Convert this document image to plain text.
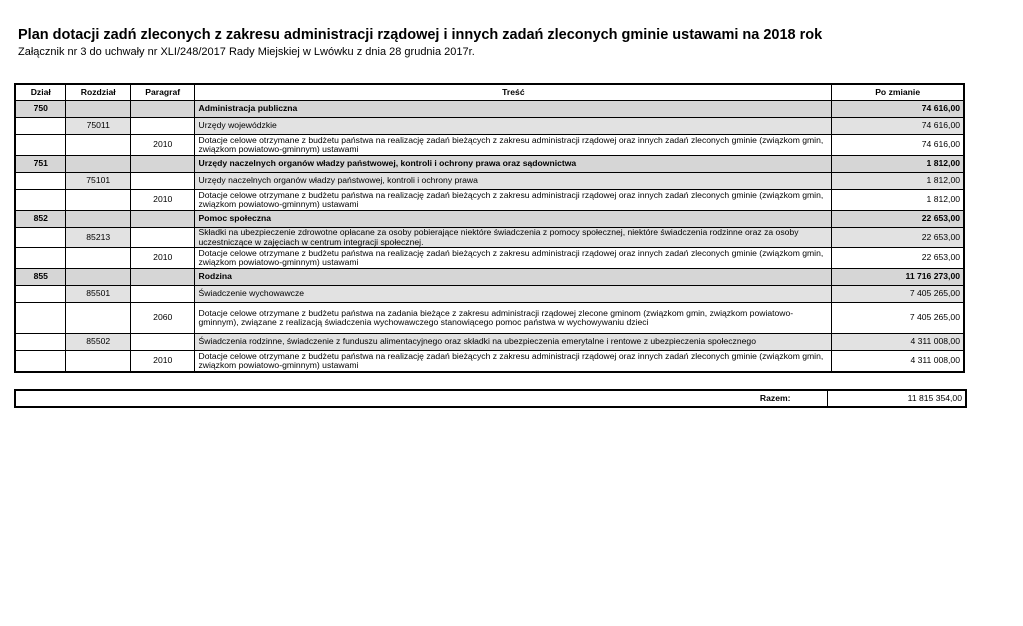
Plan dotacji zadń zleconych z zakresu administracji rządowej i innych zadań zleconych gminie ustawami na 2018 rok
Załącznik nr 3 do uchwały nr XLI/248/2017 Rady Miejskiej w Lwówku z dnia 28 grudnia 2017r.
Dział	Rozdział	Paragraf	Treść	Po zmianie
750			Administracja publiczna	74 616,00
	75011		Urzędy wojewódzkie	74 616,00
		2010	Dotacje celowe otrzymane z budżetu państwa na realizację zadań bieżących z zakresu administracji rządowej oraz innych zadań zleconych gminie (związkom gmin, związkom powiatowo-gminnym) ustawami	74 616,00
751			Urzędy naczelnych organów władzy państwowej, kontroli i ochrony prawa oraz sądownictwa	1 812,00
	75101		Urzędy naczelnych organów władzy państwowej, kontroli i ochrony prawa	1 812,00
		2010	Dotacje celowe otrzymane z budżetu państwa na realizację zadań bieżących z zakresu administracji rządowej oraz innych zadań zleconych gminie (związkom gmin, związkom powiatowo-gminnym) ustawami	1 812,00
852			Pomoc społeczna	22 653,00
	85213		Składki na ubezpieczenie zdrowotne opłacane za osoby pobierające niektóre świadczenia z pomocy społecznej, niektóre świadczenia rodzinne oraz za osoby uczestniczące w zajęciach w centrum integracji społecznej.	22 653,00
		2010	Dotacje celowe otrzymane z budżetu państwa na realizację zadań bieżących z zakresu administracji rządowej oraz innych zadań zleconych gminie (związkom gmin, związkom powiatowo-gminnym) ustawami	22 653,00
855			Rodzina	11 716 273,00
	85501		Świadczenie wychowawcze	7 405 265,00
		2060	Dotacje celowe otrzymane z budżetu państwa na zadania bieżące z zakresu administracji rządowej zlecone gminom (związkom gmin, związkom powiatowo-gminnym), związane z realizacją świadczenia wychowawczego stanowiącego pomoc państwa w wychowywaniu dzieci	7 405 265,00
	85502		Świadczenia rodzinne, świadczenie z funduszu alimentacyjnego oraz składki na ubezpieczenia emerytalne i rentowe z ubezpieczenia społecznego	4 311 008,00
		2010	Dotacje celowe otrzymane z budżetu państwa na realizację zadań bieżących z zakresu administracji rządowej oraz innych zadań zleconych gminie (związkom gmin, związkom powiatowo-gminnym) ustawami	4 311 008,00
Razem:	11 815 354,00
